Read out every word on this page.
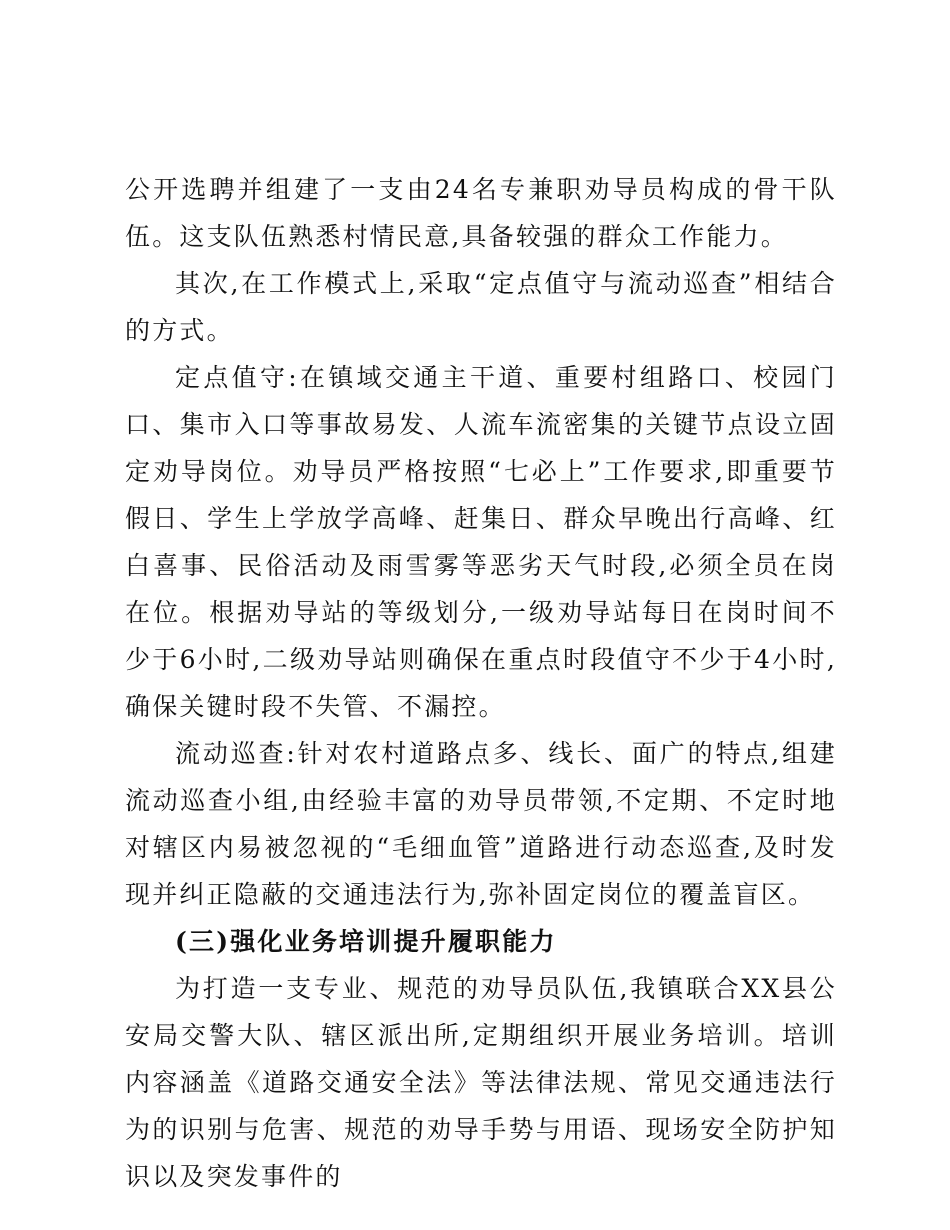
公开选聘并组建了一支由24名专兼职劝导员构成的骨干队伍。这支队伍熟悉村情民意,具备较强的群众工作能力。

其次,在工作模式上,采取“定点值守与流动巡查”相结合的方式。

定点值守:在镇域交通主干道、重要村组路口、校园门口、集市入口等事故易发、人流车流密集的关键节点设立固定劝导岗位。劝导员严格按照“七必上”工作要求,即重要节假日、学生上学放学高峰、赶集日、群众早晚出行高峰、红白喜事、民俗活动及雨雪雾等恶劣天气时段,必须全员在岗在位。根据劝导站的等级划分,一级劝导站每日在岗时间不少于6小时,二级劝导站则确保在重点时段值守不少于4小时,确保关键时段不失管、不漏控。

流动巡查:针对农村道路点多、线长、面广的特点,组建流动巡查小组,由经验丰富的劝导员带领,不定期、不定时地对辖区内易被忽视的“毛细血管”道路进行动态巡查,及时发现并纠正隐蔽的交通违法行为,弥补固定岗位的覆盖盲区。

(三)强化业务培训提升履职能力

为打造一支专业、规范的劝导员队伍,我镇联合XX县公安局交警大队、辖区派出所,定期组织开展业务培训。培训内容涵盖《道路交通安全法》等法律法规、常见交通违法行为的识别与危害、规范的劝导手势与用语、现场安全防护知识以及突发事件的
